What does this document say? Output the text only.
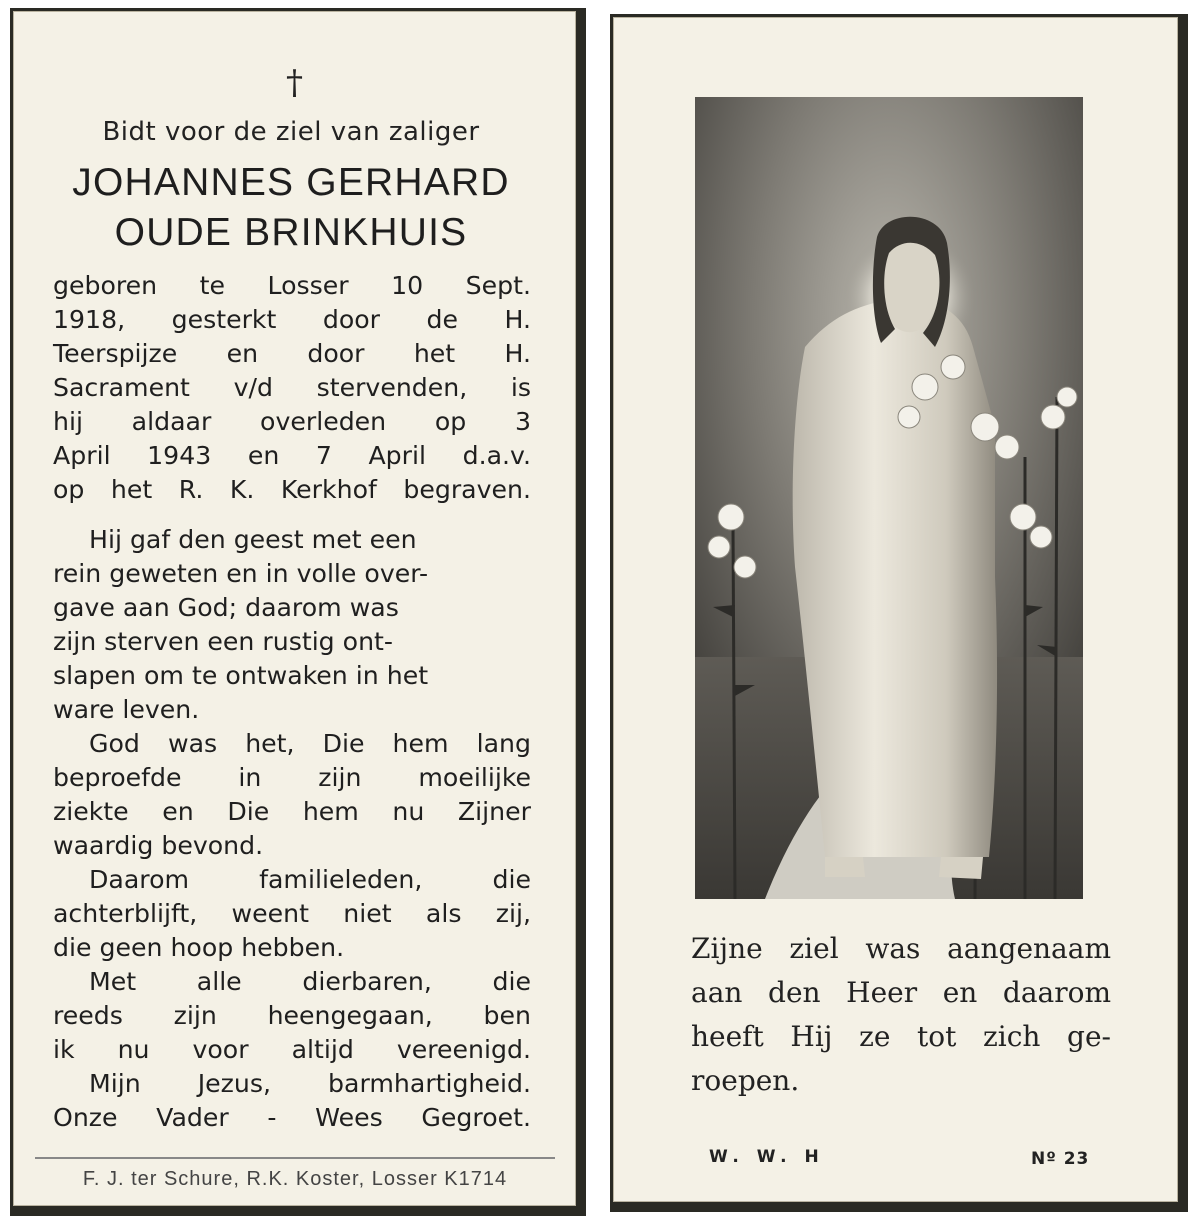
†

Bidt voor de ziel van zaliger

JOHANNES GERHARD

OUDE BRINKHUIS

geboren te Losser 10 Sept.
1918, gesterkt door de H.
Teerspijze en door het H.
Sacrament v/d stervenden, is
hij aldaar overleden op 3
April 1943 en 7 April d.a.v.
op het R. K. Kerkhof begraven.
Hij gaf den geest met een
rein geweten en in volle over-
gave aan God; daarom was
zijn sterven een rustig ont-
slapen om te ontwaken in het
ware leven.
God was het, Die hem lang
beproefde in zijn moeilijke
ziekte en Die hem nu Zijner
waardig bevond.
Daarom familieleden, die
achterblijft, weent niet als zij,
die geen hoop hebben.
Met alle dierbaren, die
reeds zijn heengegaan, ben
ik nu voor altijd vereenigd.
Mijn Jezus, barmhartigheid.
Onze Vader - Wees Gegroet.

F. J. ter Schure, R.K. Koster, Losser K1714

Zijne ziel was aangenaam
aan den Heer en daarom
heeft Hij ze tot zich ge-
roepen.

W. W. H	Nº 23
